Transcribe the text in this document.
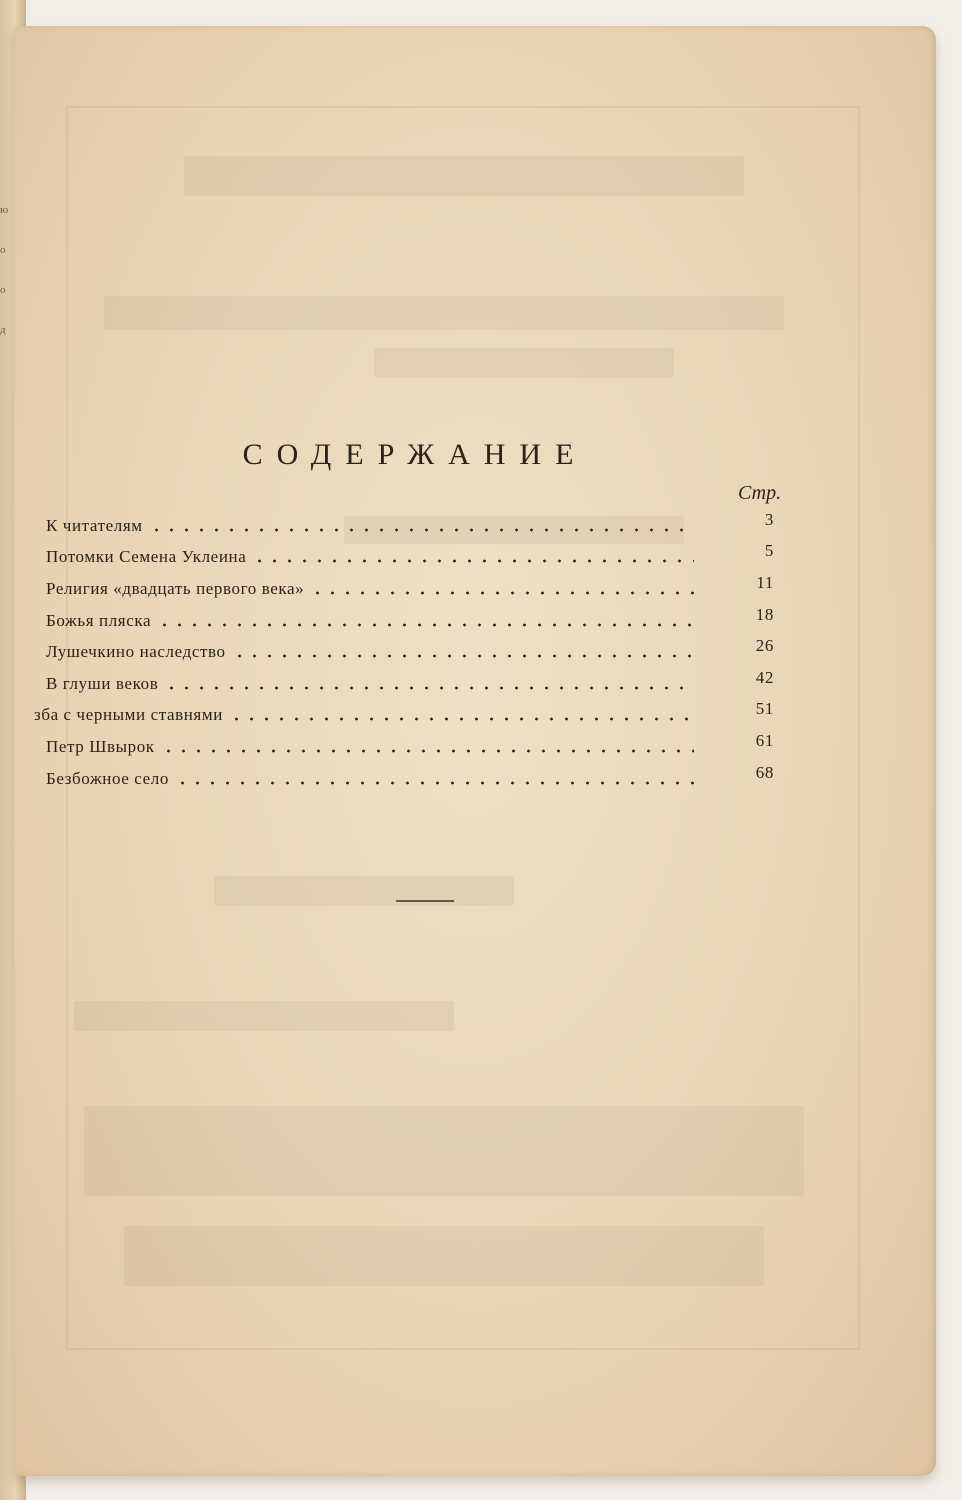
ю
о
о
д
СОДЕРЖАНИЕ
Стр.
К читателям	3
Потомки Семена Уклеина	5
Религия «двадцать первого века»	11
Божья пляска	18
Лушечкино наследство	26
В глуши веков	42
зба с черными ставнями	51
Петр Швырок	61
Безбожное село	68
